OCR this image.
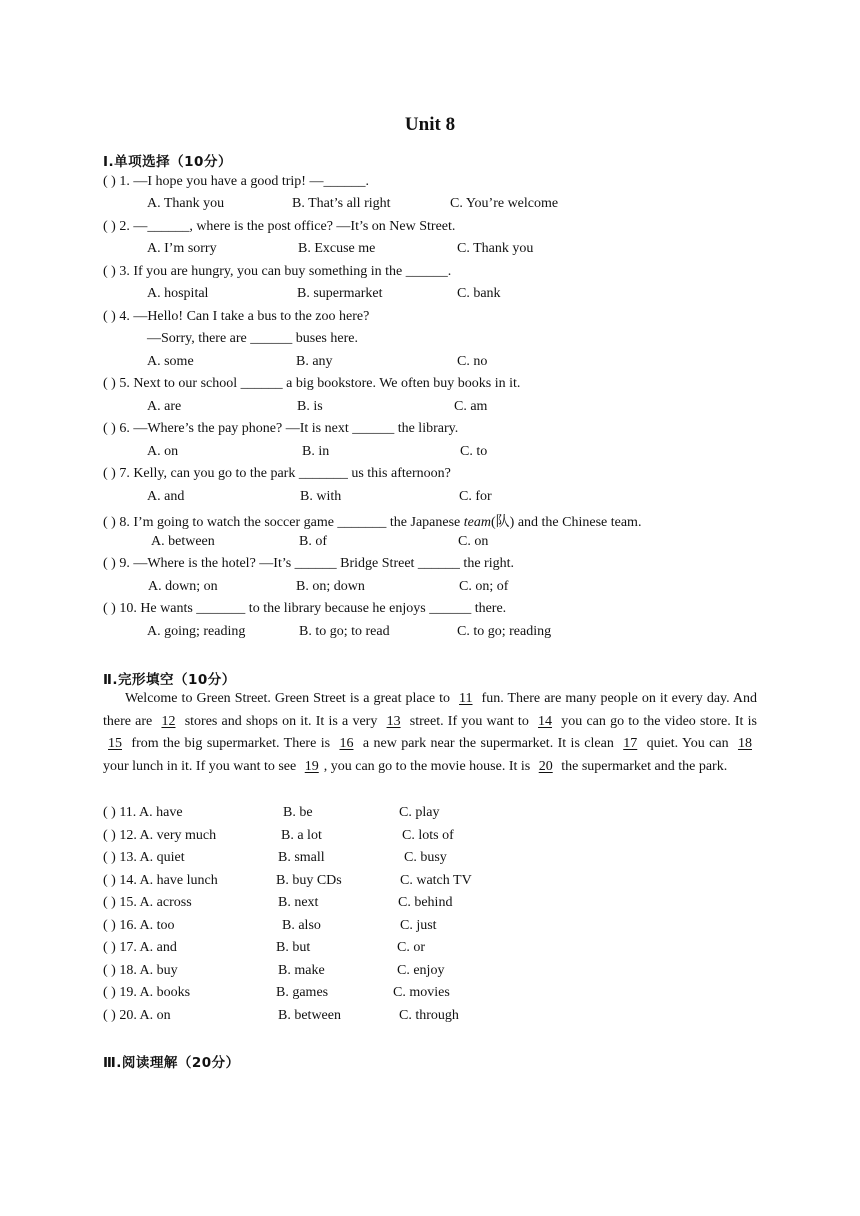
Unit 8
Ⅰ.单项选择（10分）
( ) 1. —I hope you have a good trip! —______.
A. Thank you	B. That’s all right	C. You’re welcome
( ) 2. —______, where is the post office? —It’s on New Street.
A. I’m sorry	B. Excuse me	C. Thank you
( ) 3. If you are hungry, you can buy something in the ______.
A. hospital	B. supermarket	C. bank
( ) 4. —Hello! Can I take a bus to the zoo here?
—Sorry, there are ______ buses here.
A. some	B. any	C. no
( ) 5. Next to our school ______ a big bookstore. We often buy books in it.
A. are	B. is	C. am
( ) 6. —Where’s the pay phone? —It is next ______ the library.
A. on	B. in	C. to
( ) 7. Kelly, can you go to the park _______ us this afternoon?
A. and	B. with	C. for
( ) 8. I’m going to watch the soccer game _______ the Japanese team(队) and the Chinese team.
A. between	B. of	C. on
( ) 9. —Where is the hotel? —It’s ______ Bridge Street ______ the right.
A. down; on	B. on; down	C. on; of
( ) 10. He wants _______ to the library because he enjoys ______ there.
A. going; reading	B. to go; to read	C. to go; reading
Ⅱ.完形填空（10分）
Welcome to Green Street. Green Street is a great place to 11 fun. There are many people on it every day. And there are 12 stores and shops on it. It is a very 13 street. If you want to 14 you can go to the video store. It is 15 from the big supermarket. There is 16 a new park near the supermarket. It is clean 17 quiet. You can 18 your lunch in it. If you want to see 19 , you can go to the movie house. It is 20 the supermarket and the park.
( ) 11. A. have	B. be	C. play
( ) 12. A. very much	B. a lot	C. lots of
( ) 13. A. quiet	B. small	C. busy
( ) 14. A. have lunch	B. buy CDs	C. watch TV
( ) 15. A. across	B. next	C. behind
( ) 16. A. too	B. also	C. just
( ) 17. A. and	B. but	C. or
( ) 18. A. buy	B. make	C. enjoy
( ) 19. A. books	B. games	C. movies
( ) 20. A. on	B. between	C. through
Ⅲ.阅读理解（20分）
